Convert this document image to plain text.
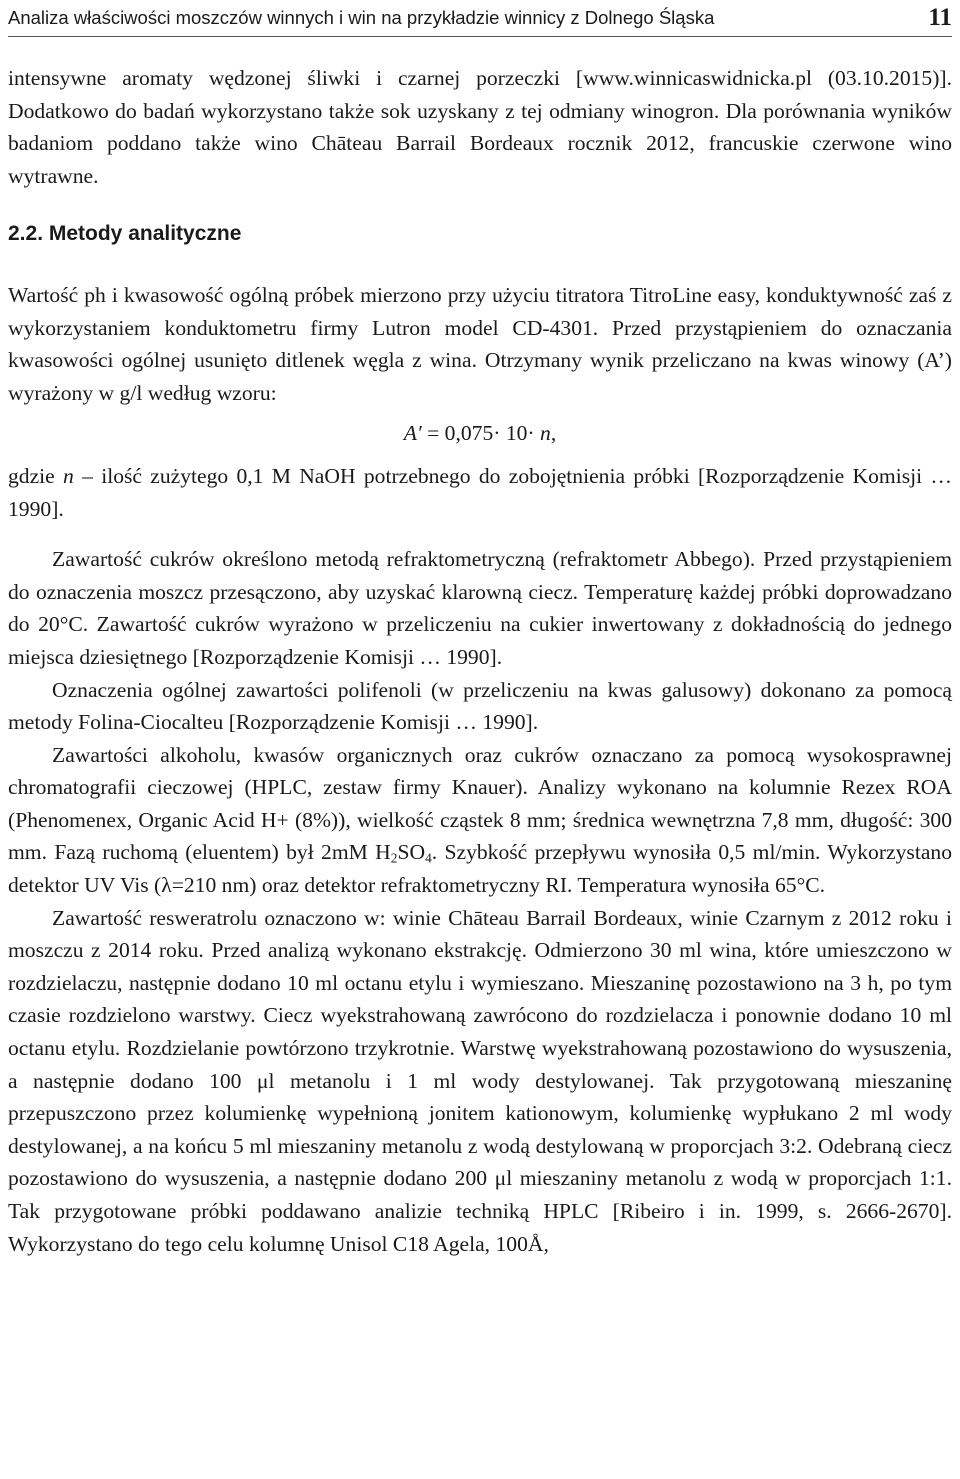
Analiza właściwości moszczów winnych i win na przykładzie winnicy z Dolnego Śląska	11

intensywne aromaty wędzonej śliwki i czarnej porzeczki [www.winnicaswidnicka.pl (03.10.2015)]. Dodatkowo do badań wykorzystano także sok uzyskany z tej odmiany winogron. Dla porównania wyników badaniom poddano także wino Chāteau Barrail Bordeaux rocznik 2012, francuskie czerwone wino wytrawne.

2.2. Metody analityczne

Wartość ph i kwasowość ogólną próbek mierzono przy użyciu titratora TitroLine easy, konduktywność zaś z wykorzystaniem konduktometru firmy Lutron model CD-4301. Przed przystąpieniem do oznaczania kwasowości ogólnej usunięto ditlenek węgla z wina. Otrzymany wynik przeliczano na kwas winowy (A’) wyrażony w g/l według wzoru:

A′ = 0,075· 10· n,

gdzie n – ilość zużytego 0,1 M NaOH potrzebnego do zobojętnienia próbki [Rozporządzenie Komisji … 1990].

Zawartość cukrów określono metodą refraktometryczną (refraktometr Abbego). Przed przystąpieniem do oznaczenia moszcz przesączono, aby uzyskać klarowną ciecz. Temperaturę każdej próbki doprowadzano do 20°C. Zawartość cukrów wyrażono w przeliczeniu na cukier inwertowany z dokładnością do jednego miejsca dziesiętnego [Rozporządzenie Komisji … 1990].

Oznaczenia ogólnej zawartości polifenoli (w przeliczeniu na kwas galusowy) dokonano za pomocą metody Folina-Ciocalteu [Rozporządzenie Komisji … 1990].

Zawartości alkoholu, kwasów organicznych oraz cukrów oznaczano za pomocą wysokosprawnej chromatografii cieczowej (HPLC, zestaw firmy Knauer). Analizy wykonano na kolumnie Rezex ROA (Phenomenex, Organic Acid H+ (8%)), wielkość cząstek 8 mm; średnica wewnętrzna 7,8 mm, długość: 300 mm. Fazą ruchomą (eluentem) był 2mM $H_2SO_4$. Szybkość przepływu wynosiła 0,5 ml/min. Wykorzystano detektor UV Vis (λ=210 nm) oraz detektor refraktometryczny RI. Temperatura wynosiła 65°C.

Zawartość resweratrolu oznaczono w: winie Chāteau Barrail Bordeaux, winie Czarnym z 2012 roku i moszczu z 2014 roku. Przed analizą wykonano ekstrakcję. Odmierzono 30 ml wina, które umieszczono w rozdzielaczu, następnie dodano 10 ml octanu etylu i wymieszano. Mieszaninę pozostawiono na 3 h, po tym czasie rozdzielono warstwy. Ciecz wyekstrahowaną zawrócono do rozdzielacza i ponownie dodano 10 ml octanu etylu. Rozdzielanie powtórzono trzykrotnie. Warstwę wyekstrahowaną pozostawiono do wysuszenia, a następnie dodano 100 μl metanolu i 1 ml wody destylowanej. Tak przygotowaną mieszaninę przepuszczono przez kolumienkę wypełnioną jonitem kationowym, kolumienkę wypłukano 2 ml wody destylowanej, a na końcu 5 ml mieszaniny metanolu z wodą destylowaną w proporcjach 3:2. Odebraną ciecz pozostawiono do wysuszenia, a następnie dodano 200 μl mieszaniny metanolu z wodą w proporcjach 1:1. Tak przygotowane próbki poddawano analizie techniką HPLC [Ribeiro i in. 1999, s. 2666-2670]. Wykorzystano do tego celu kolumnę Unisol C18 Agela, 100Å,
